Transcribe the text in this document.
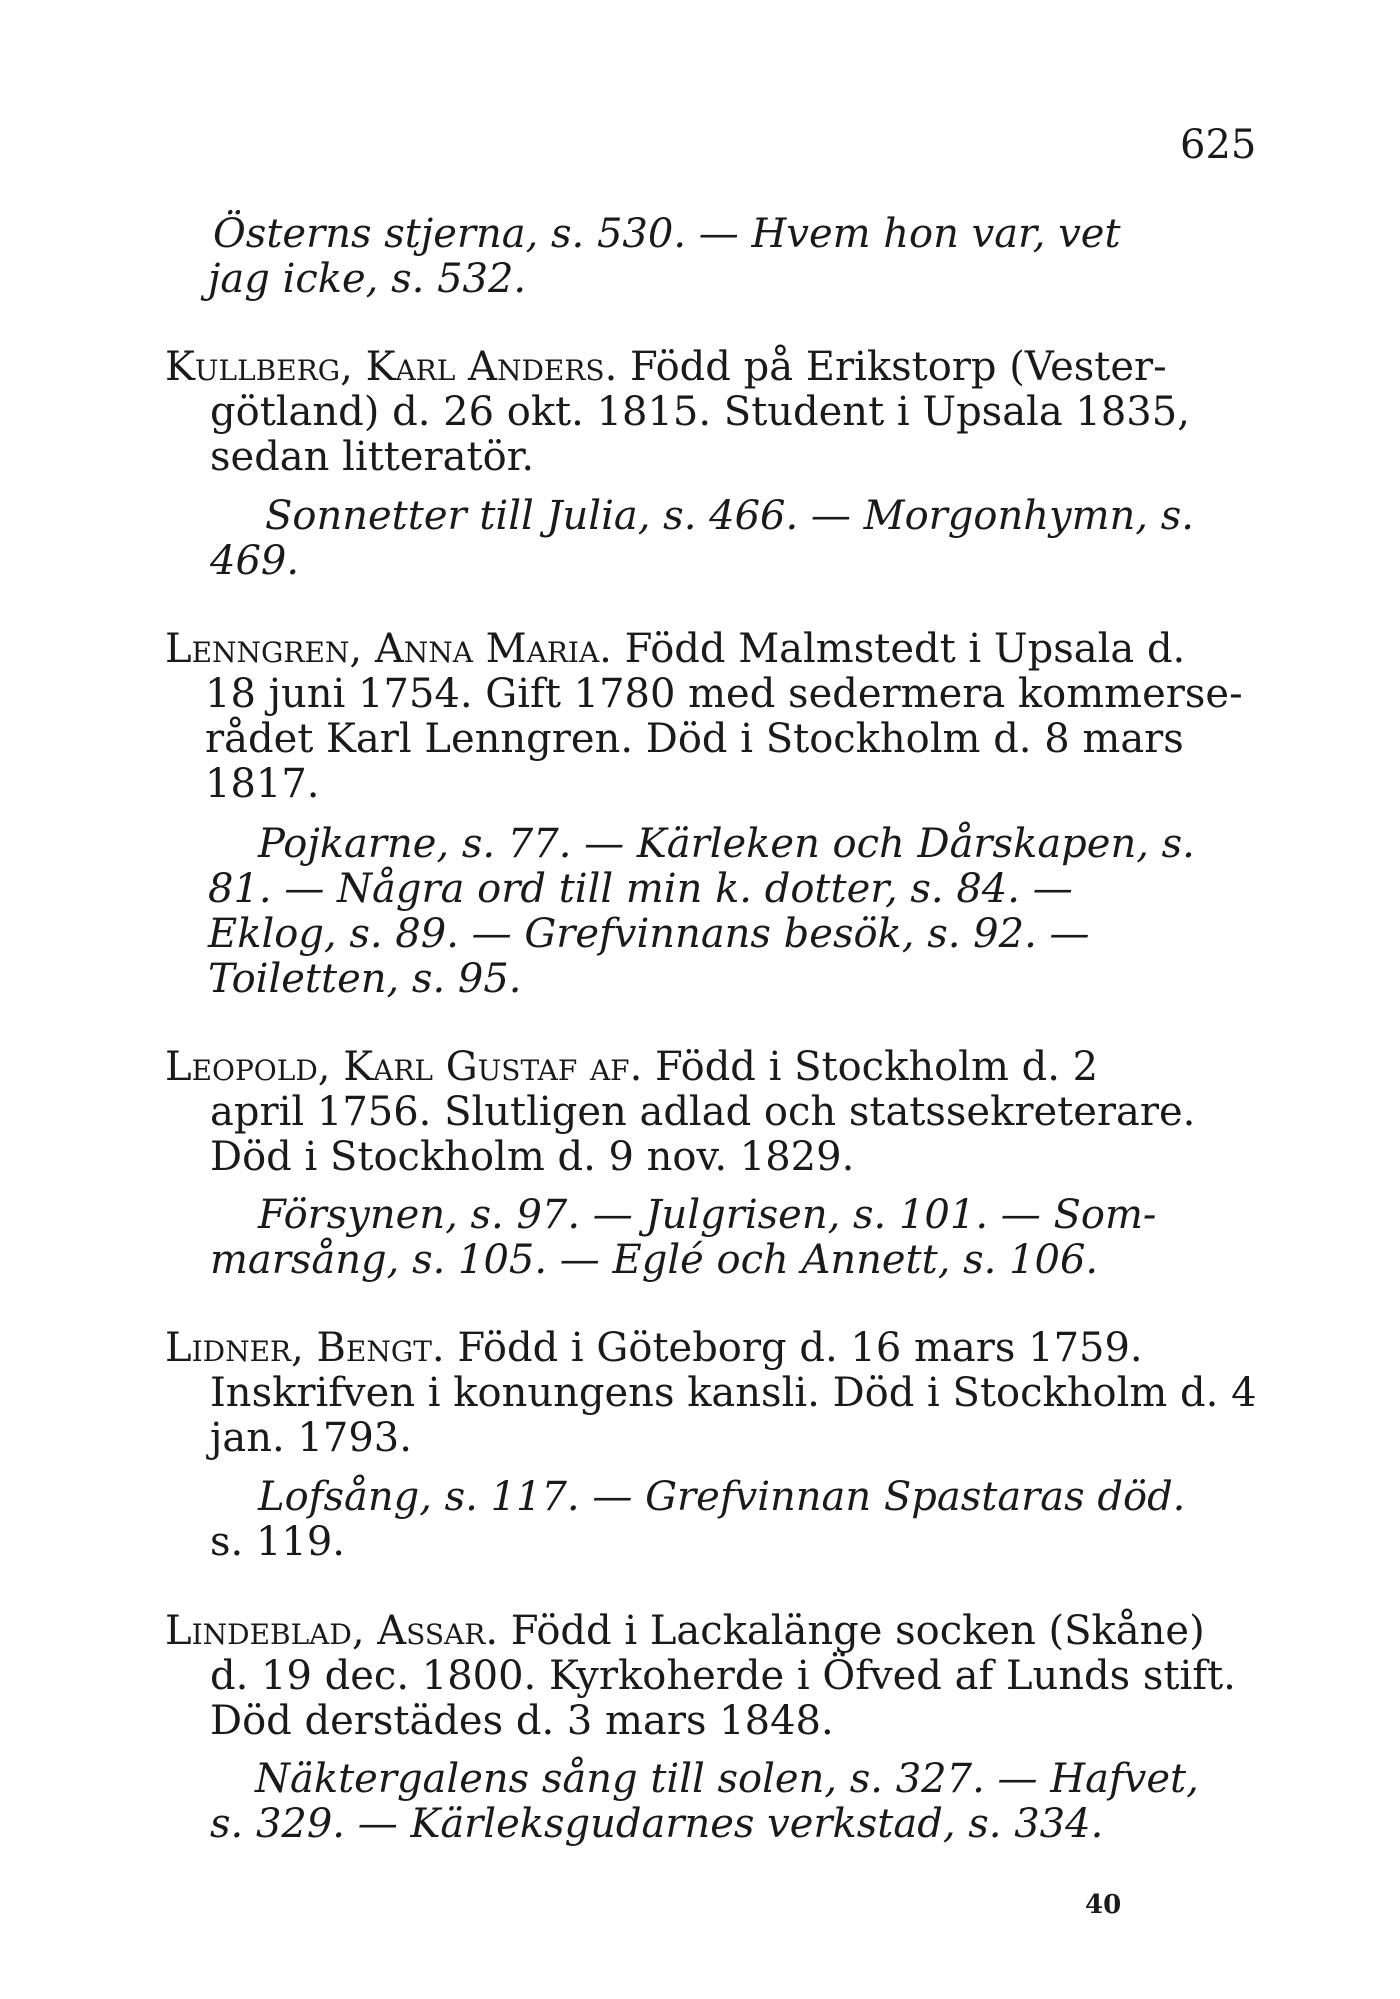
625

Österns stjerna, s. 530. — Hvem hon var, vet

jag icke, s. 532.

Kullberg, Karl Anders. Född på Erikstorp (Vester-

götland) d. 26 okt. 1815. Student i Upsala 1835,

sedan litteratör.

Sonnetter till Julia, s. 466. — Morgonhymn, s.

469.

Lenngren, Anna Maria. Född Malmstedt i Upsala d.

18 juni 1754. Gift 1780 med sedermera kommerse-

rådet Karl Lenngren. Död i Stockholm d. 8 mars

1817.

Pojkarne, s. 77. — Kärleken och Dårskapen, s.

81. — Några ord till min k. dotter, s. 84. —

Eklog, s. 89. — Grefvinnans besök, s. 92. —

Toiletten, s. 95.

Leopold, Karl Gustaf af. Född i Stockholm d. 2

april 1756. Slutligen adlad och statssekreterare.

Död i Stockholm d. 9 nov. 1829.

Försynen, s. 97. — Julgrisen, s. 101. — Som-

marsång, s. 105. — Eglé och Annett, s. 106.

Lidner, Bengt. Född i Göteborg d. 16 mars 1759.

Inskrifven i konungens kansli. Död i Stockholm d. 4

jan. 1793.

Lofsång, s. 117. — Grefvinnan Spastaras död.

s. 119.

Lindeblad, Assar. Född i Lackalänge socken (Skåne)

d. 19 dec. 1800. Kyrkoherde i Öfved af Lunds stift.

Död derstädes d. 3 mars 1848.

Näktergalens sång till solen, s. 327. — Hafvet,

s. 329. — Kärleksgudarnes verkstad, s. 334.

40
